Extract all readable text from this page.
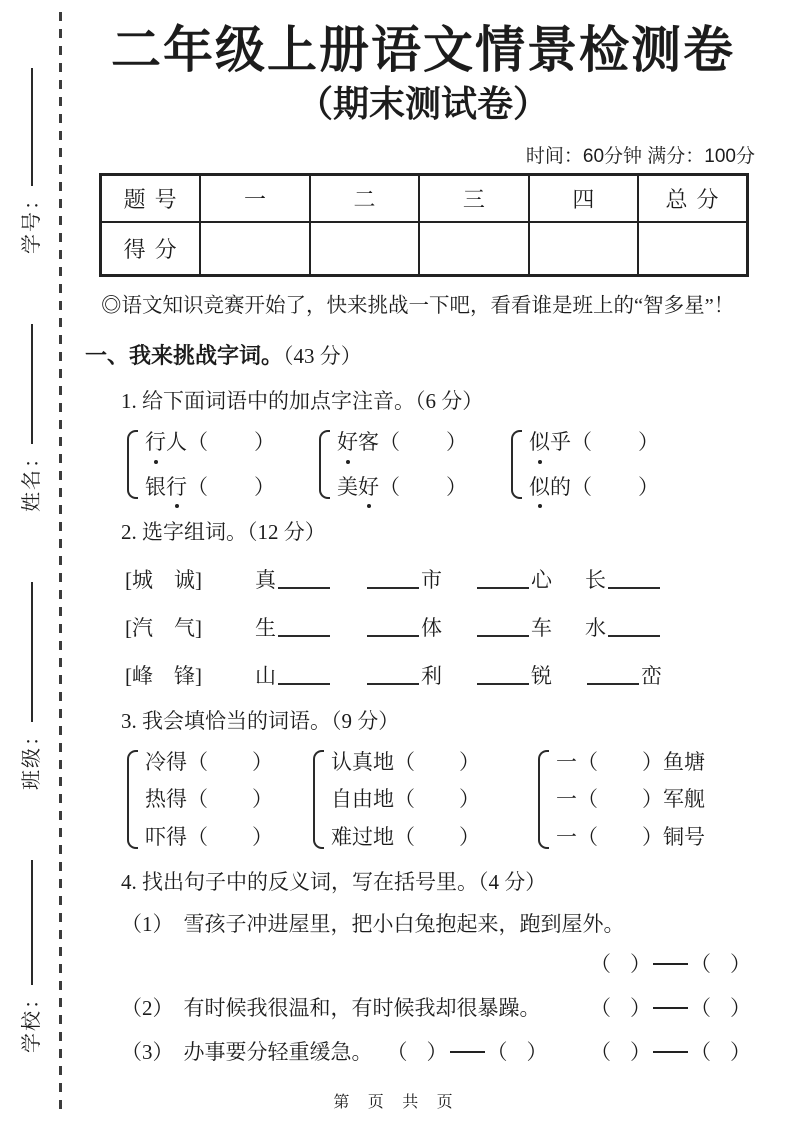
学校：
班级：
姓名：
学号：
二年级上册语文情景检测卷
（期末测试卷）
时间：60分钟 满分：100分
题号	一	二	三	四	总分
得分					
◎语文知识竞赛开始了，快来挑战一下吧，看看谁是班上的“智多星”！
一、我来挑战字词。（43 分）
1. 给下面词语中的加点字注音。（6 分）
行人（ ）
银行（ ）
好客（ ）
美好（ ）
似乎（ ）
似的（ ）
2. 选字组词。（12 分）
[城　诚]	真	市	心	长
[汽　气]	生	体	车	水
[峰　锋]	山	利	锐	峦
3. 我会填恰当的词语。（9 分）
冷得（ ）
热得（ ）
吓得（ ）
认真地（ ）
自由地（ ）
难过地（ ）
一（ ）鱼塘
一（ ）军舰
一（ ）铜号
4. 找出句子中的反义词，写在括号里。（4 分）
（1） 雪孩子冲进屋里，把小白兔抱起来，跑到屋外。
（ ） （ ）
（2） 有时候我很温和，有时候我却很暴躁。 （ ） （ ）
（3） 办事要分轻重缓急。 （ ） （ ） （ ） （ ）
第 页 共 页
